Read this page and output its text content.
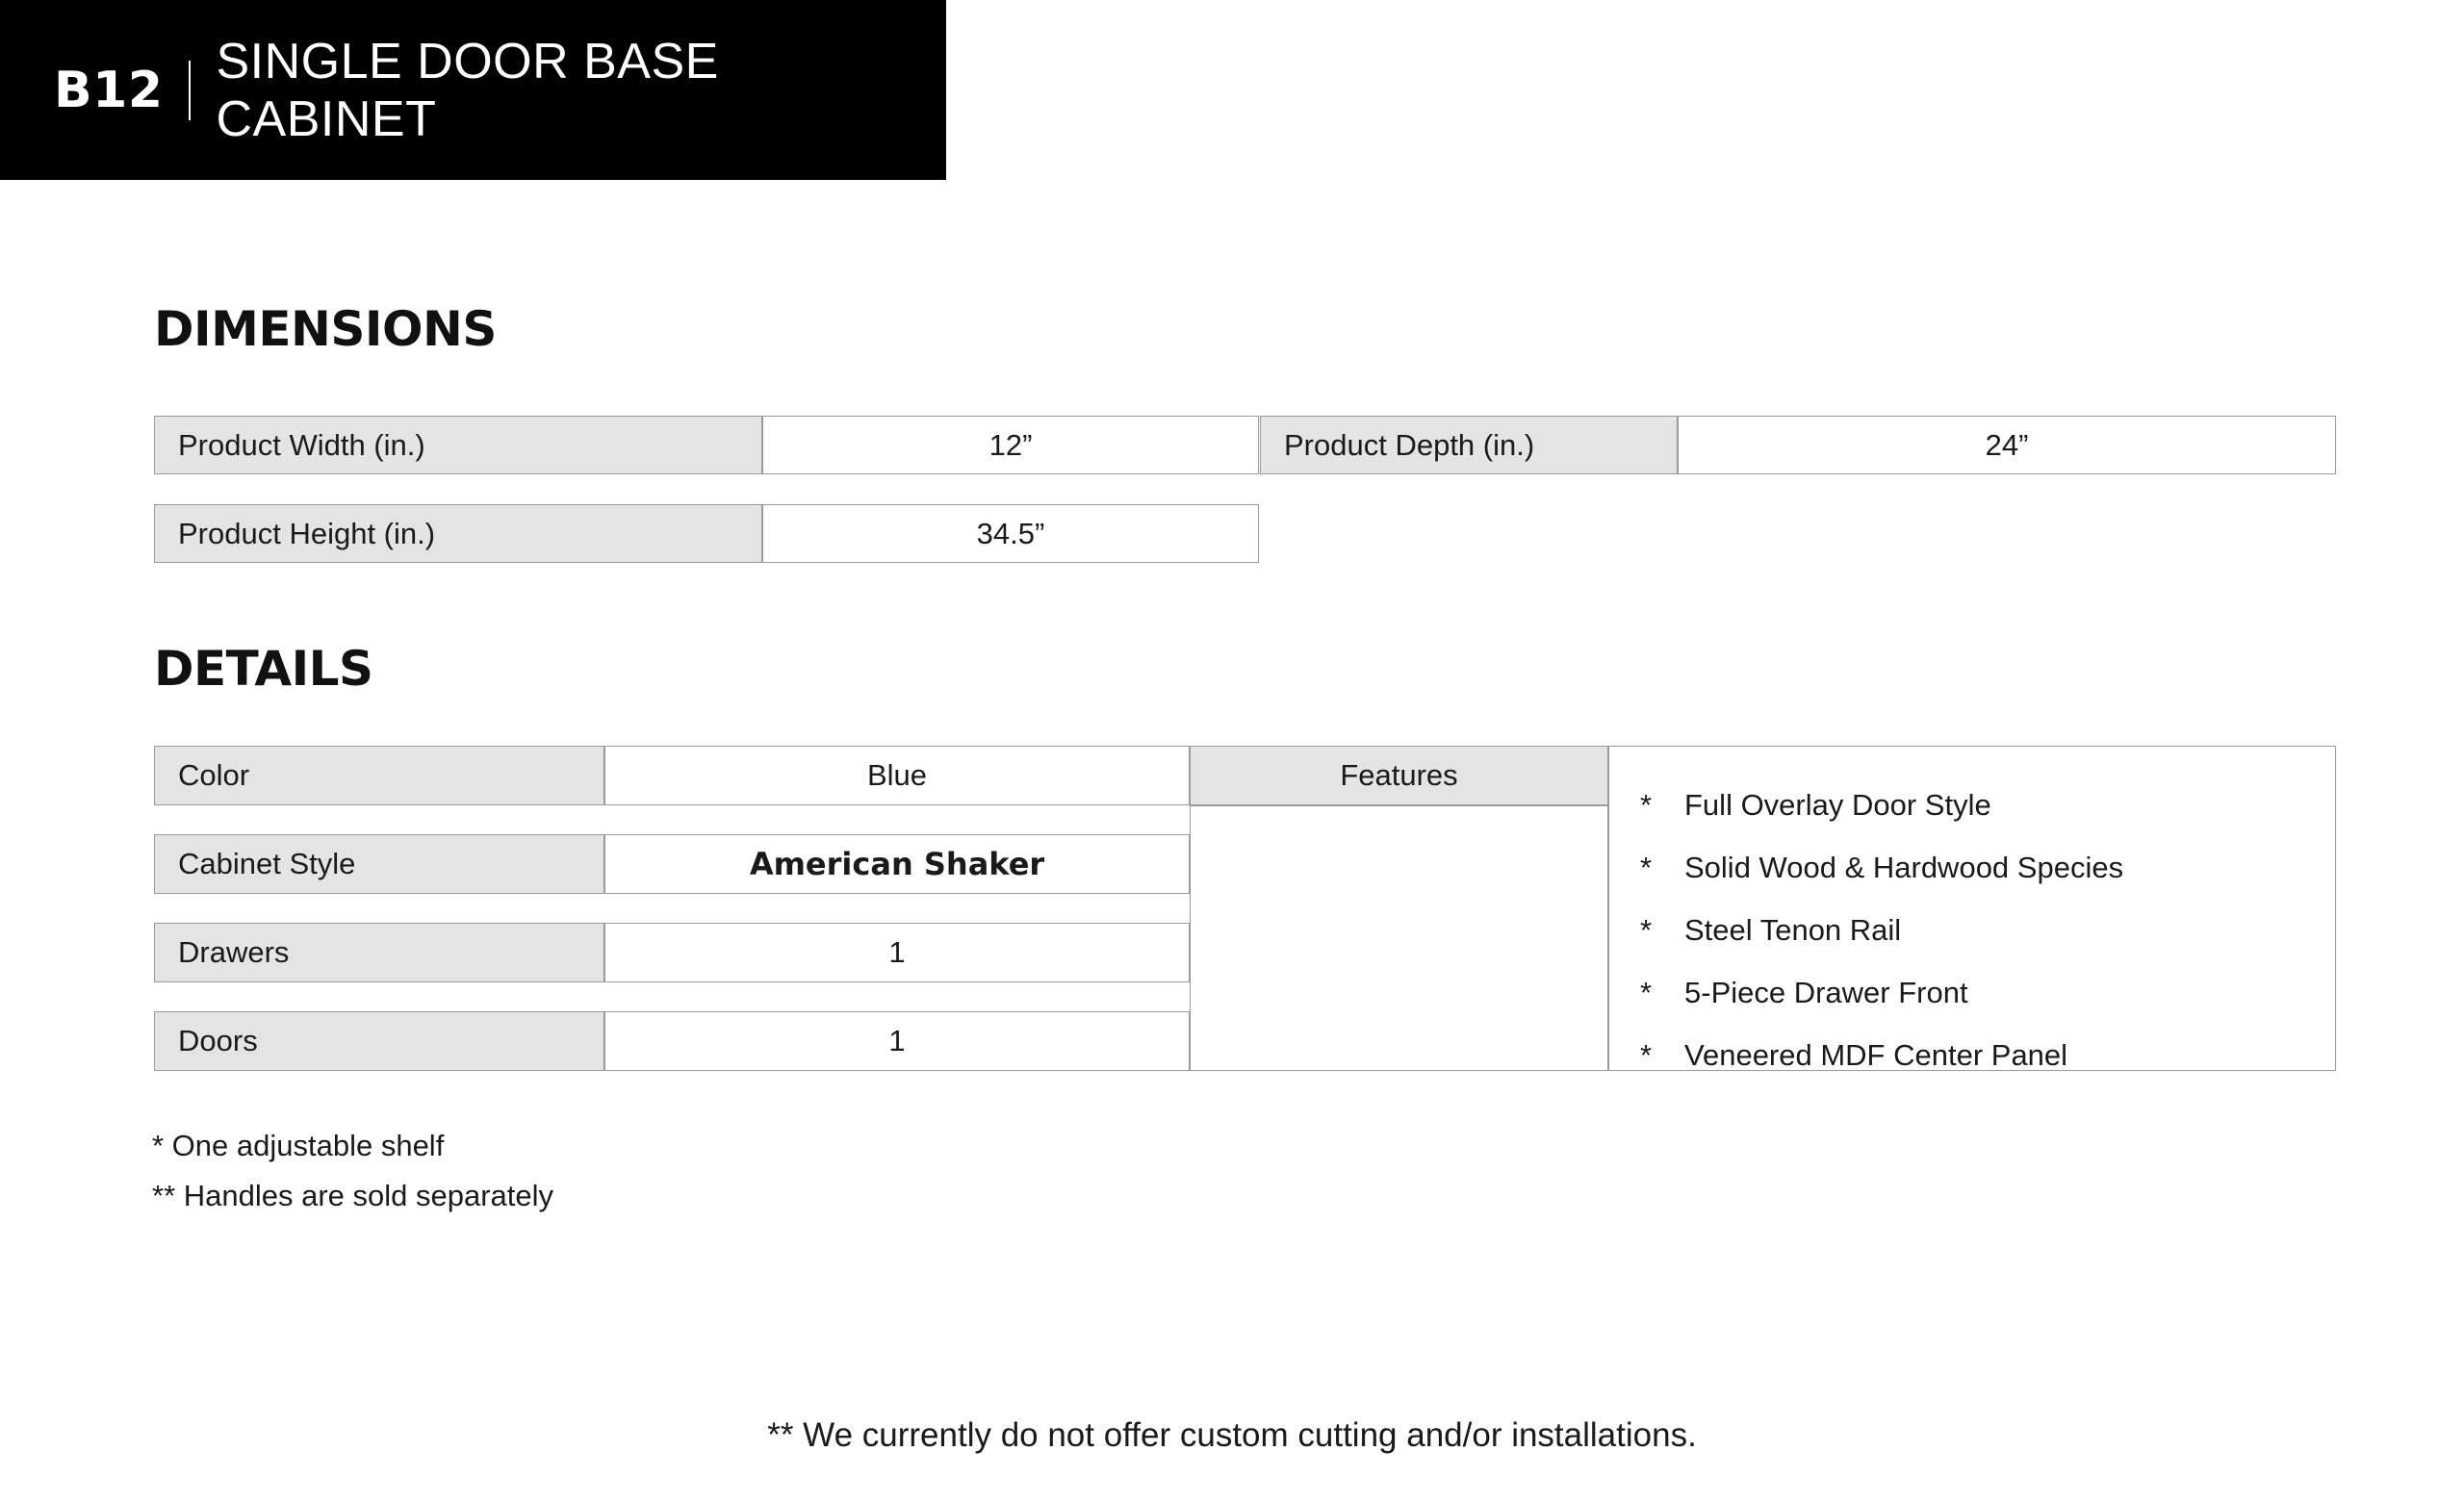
B12 SINGLE DOOR BASE CABINET
DIMENSIONS
Product Width (in.)	12”	Product Depth (in.)	24”
Product Height (in.)	34.5”
DETAILS
Color	Blue	Features
Cabinet Style	American Shaker
Drawers	1
Doors	1
*	Full Overlay Door Style
*	Solid Wood & Hardwood Species
*	Steel Tenon Rail
*	5-Piece Drawer Front
*	Veneered MDF Center Panel
* One adjustable shelf
** Handles are sold separately
** We currently do not offer custom cutting and/or installations.
